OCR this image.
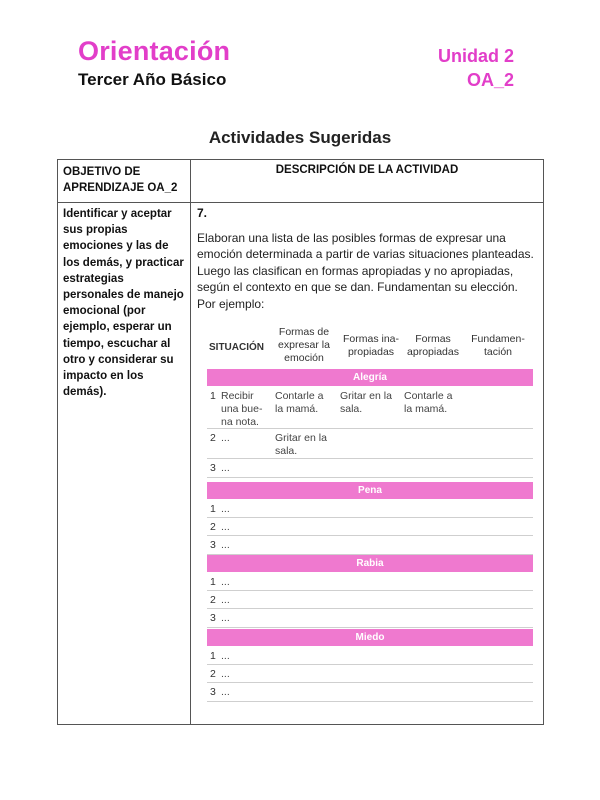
Orientación
Tercer Año Básico
Unidad 2
OA_2
Actividades Sugeridas
OBJETIVO DE APRENDIZAJE OA_2
DESCRIPCIÓN DE LA ACTIVIDAD
Identificar y aceptar sus propias emociones y las de los demás, y practicar estrategias personales de manejo emocional (por ejemplo, esperar un tiempo, escuchar al otro y considerar su impacto en los demás).
7.
Elaboran una lista de las posibles formas de expresar una emoción determinada a partir de varias situaciones planteadas. Luego las clasifican en formas apropiadas y no apropiadas, según el contexto en que se dan. Fundamentan su elección. Por ejemplo:
SITUACIÓN
Formas de expresar la emoción
Formas ina-propiadas
Formas apropiadas
Fundamen-tación
Alegría
1 Recibir una bue-na nota.
Contarle a la mamá.
Gritar en la sala.
Contarle a la mamá.
2 ...	Gritar en la sala.
3 ...
Pena
1 ...
2 ...
3 ...
Rabia
1 ...
2 ...
3 ...
Miedo
1 ...
2 ...
3 ...
